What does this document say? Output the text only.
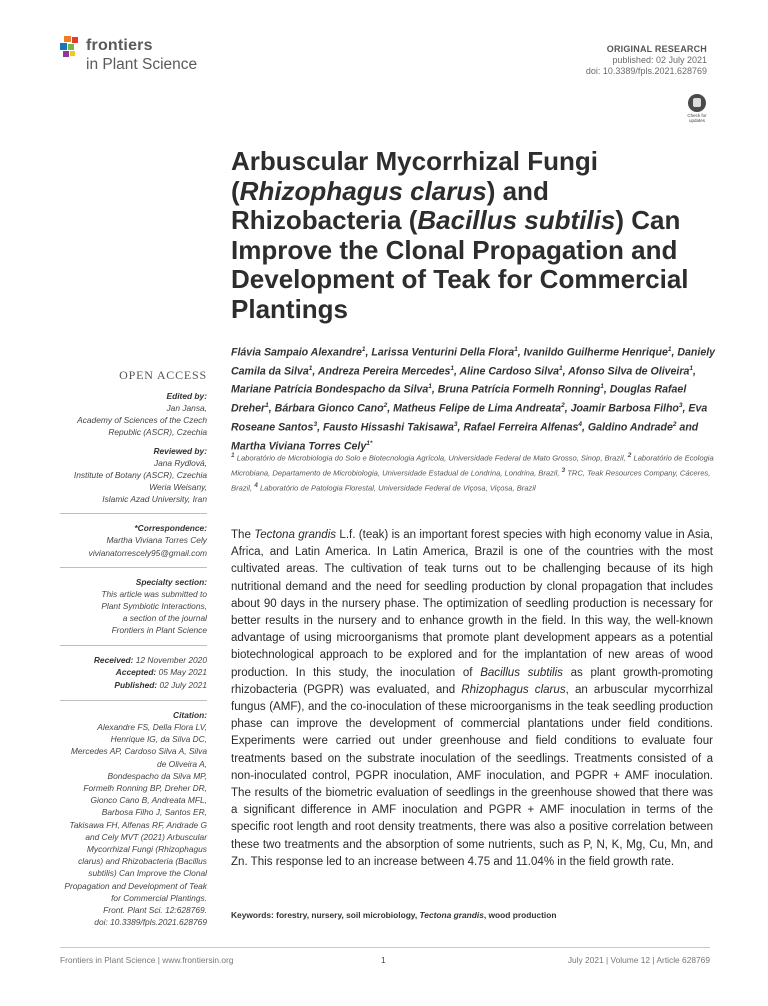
frontiers
in Plant Science
ORIGINAL RESEARCH
published: 02 July 2021
doi: 10.3389/fpls.2021.628769
Check for
updates
Arbuscular Mycorrhizal Fungi (Rhizophagus clarus) and Rhizobacteria (Bacillus subtilis) Can Improve the Clonal Propagation and Development of Teak for Commercial Plantings

Flávia Sampaio Alexandre$^1$, Larissa Venturini Della Flora$^1$, Ivanildo Guilherme Henrique$^1$, Daniely Camila da Silva$^1$, Andreza Pereira Mercedes$^1$, Aline Cardoso Silva$^1$, Afonso Silva de Oliveira$^1$, Mariane Patrícia Bondespacho da Silva$^1$, Bruna Patrícia Formelh Ronning$^1$, Douglas Rafael Dreher$^1$, Bárbara Gionco Cano$^2$, Matheus Felipe de Lima Andreata$^2$, Joamir Barbosa Filho$^3$, Eva Roseane Santos$^3$, Fausto Hissashi Takisawa$^3$, Rafael Ferreira Alfenas$^4$, Galdino Andrade$^2$ and Martha Viviana Torres Cely$^{1*}$

$^1$ Laboratório de Microbiologia do Solo e Biotecnologia Agrícola, Universidade Federal de Mato Grosso, Sinop, Brazil, $^2$ Laboratório de Ecologia Microbiana, Departamento de Microbiologia, Universidade Estadual de Londrina, Londrina, Brazil, $^3$ TRC, Teak Resources Company, Cáceres, Brazil, $^4$ Laboratório de Patologia Florestal, Universidade Federal de Viçosa, Viçosa, Brazil

OPEN ACCESS
Edited by:
Jan Jansa,
Academy of Sciences of the Czech
Republic (ASCR), Czechia
Reviewed by:
Jana Rydlová,
Institute of Botany (ASCR), Czechia
Weria Weisany,
Islamic Azad University, Iran
*Correspondence:
Martha Viviana Torres Cely
vivianatorrescely95@gmail.com
Specialty section:
This article was submitted to
Plant Symbiotic Interactions,
a section of the journal
Frontiers in Plant Science
Received: 12 November 2020
Accepted: 05 May 2021
Published: 02 July 2021
Citation:
Alexandre FS, Della Flora LV,
Henrique IG, da Silva DC,
Mercedes AP, Cardoso Silva A, Silva
de Oliveira A,
Bondespacho da Silva MP,
Formelh Ronning BP, Dreher DR,
Gionco Cano B, Andreata MFL,
Barbosa Filho J, Santos ER,
Takisawa FH, Alfenas RF, Andrade G
and Cely MVT (2021) Arbuscular
Mycorrhizal Fungi (Rhizophagus
clarus) and Rhizobacteria (Bacillus
subtilis) Can Improve the Clonal
Propagation and Development of Teak
for Commercial Plantings.
Front. Plant Sci. 12:628769.
doi: 10.3389/fpls.2021.628769

The Tectona grandis L.f. (teak) is an important forest species with high economy value in Asia, Africa, and Latin America. In Latin America, Brazil is one of the countries with the most cultivated areas. The cultivation of teak turns out to be challenging because of its high nutritional demand and the need for seedling production by clonal propagation that includes about 90 days in the nursery phase. The optimization of seedling production is necessary for better results in the nursery and to enhance growth in the field. In this way, the well-known advantage of using microorganisms that promote plant development appears as a potential biotechnological approach to be explored and for the implantation of new areas of wood production. In this study, the inoculation of Bacillus subtilis as plant growth-promoting rhizobacteria (PGPR) was evaluated, and Rhizophagus clarus, an arbuscular mycorrhizal fungus (AMF), and the co-inoculation of these microorganisms in the teak seedling production phase can improve the development of commercial plantations under field conditions. Experiments were carried out under greenhouse and field conditions to evaluate four treatments based on the substrate inoculation of the seedlings. Treatments consisted of a non-inoculated control, PGPR inoculation, AMF inoculation, and PGPR + AMF inoculation. The results of the biometric evaluation of seedlings in the greenhouse showed that there was a significant difference in AMF inoculation and PGPR + AMF inoculation in terms of the specific root length and root density treatments, there was also a positive correlation between these two treatments and the absorption of some nutrients, such as P, N, K, Mg, Cu, Mn, and Zn. This response led to an increase between 4.75 and 11.04% in the field growth rate.

Keywords: forestry, nursery, soil microbiology, Tectona grandis, wood production
Frontiers in Plant Science | www.frontiersin.org	1	July 2021 | Volume 12 | Article 628769
